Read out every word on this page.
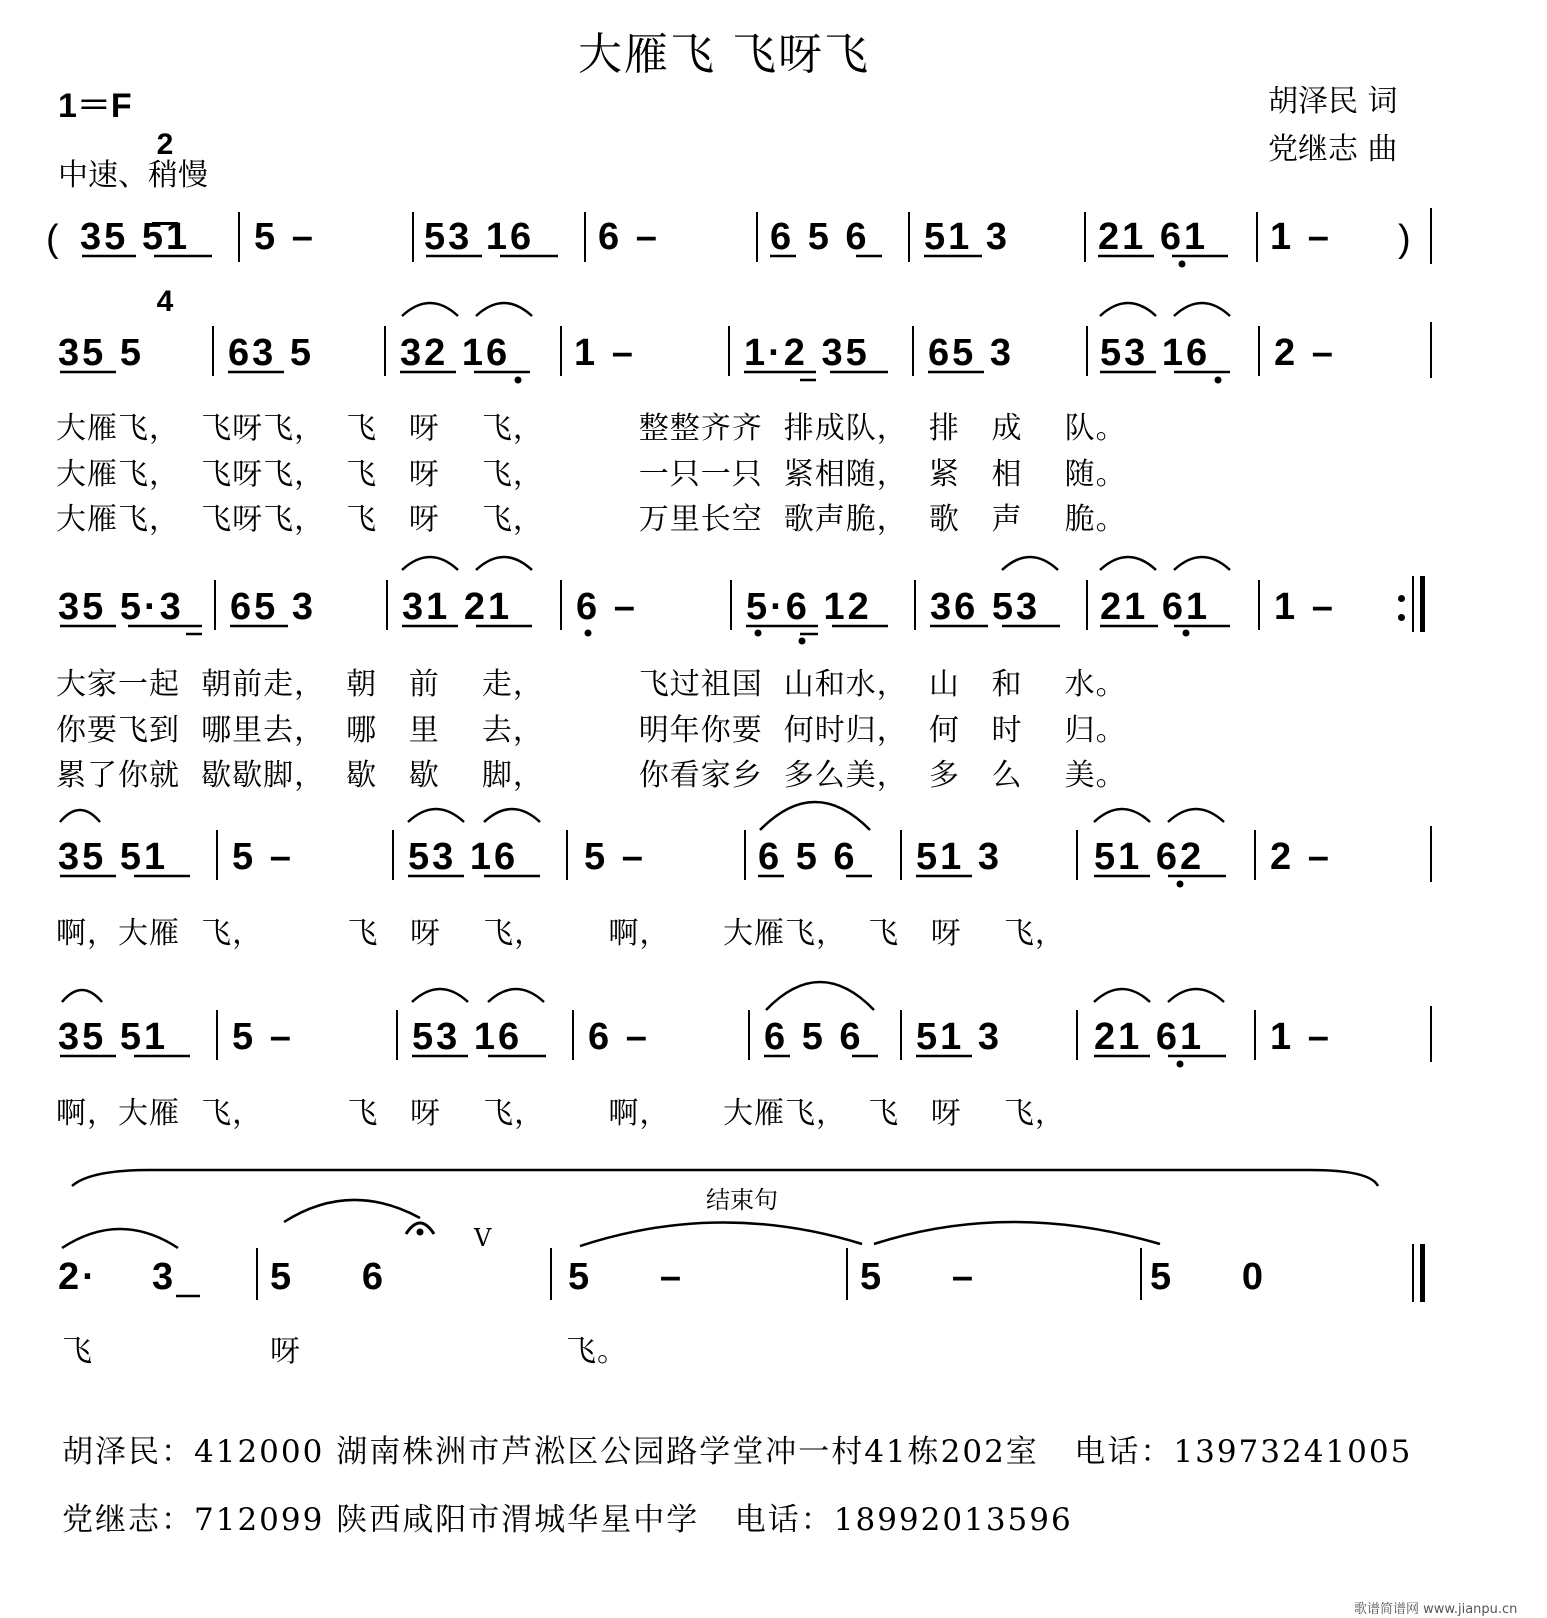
大雁飞 飞呀飞
1＝F

2

4

中速、稍慢
胡泽民 词
党继志 曲
( 35 51 5 –	53 16 6 –	6 5 6 51 3 21 61 1 – )
35 5 63 5 32 16 1 –	1·2 35 65 3 53 16 2 –
大雁飞，  飞呀飞，  飞   呀    飞，         整整齐齐  排成队，  排   成    队。
大雁飞，  飞呀飞，  飞   呀    飞，         一只一只  紧相随，  紧   相    随。
大雁飞，  飞呀飞，  飞   呀    飞，         万里长空  歌声脆，  歌   声    脆。
35 5·3 65 3 31 21 6 –	5·6 12 36 53 21 61 1 –
大家一起  朝前走，  朝   前    走，         飞过祖国  山和水，  山   和    水。
你要飞到  哪里去，  哪   里    去，         明年你要  何时归，  何   时    归。
累了你就  歇歇脚，  歇   歇    脚，         你看家乡  多么美，  多   么    美。
35 51 5 –	53 16 5 –	6 5 6 51 3 51 62 2 –
啊，大雁  飞，        飞   呀    飞，      啊，     大雁飞，  飞   呀    飞，
35 51 5 –	53 16 6 –	6 5 6 51 3 21 61 1 –
啊，大雁  飞，        飞   呀    飞，      啊，     大雁飞，  飞   呀    飞，
结束句
V
2·    3 5     6	5     –	5     –	5     0
飞	呀	飞。
胡泽民：412000 湖南株洲市芦淞区公园路学堂冲一村41栋202室   电话：13973241005
党继志：712099 陕西咸阳市渭城华星中学   电话：18992013596
歌谱简谱网 www.jianpu.cn
